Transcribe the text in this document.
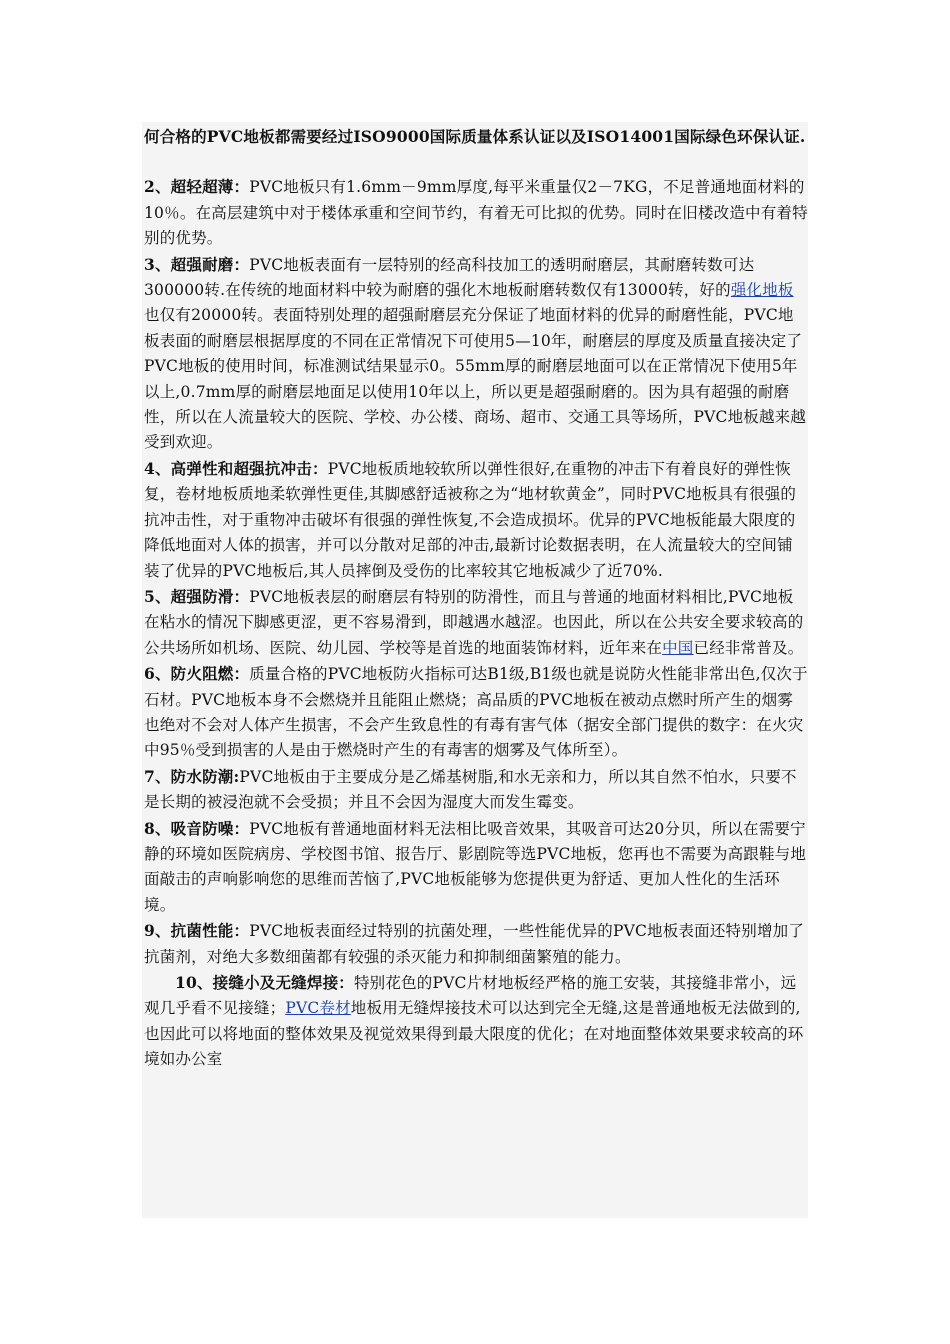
何合格的PVC地板都需要经过ISO9000国际质量体系认证以及ISO14001国际绿色环保认证.

2、超轻超薄：PVC地板只有1.6mm－9mm厚度,每平米重量仅2－7KG，不足普通地面材料的10％。在高层建筑中对于楼体承重和空间节约，有着无可比拟的优势。同时在旧楼改造中有着特别的优势。

3、超强耐磨：PVC地板表面有一层特别的经高科技加工的透明耐磨层，其耐磨转数可达300000转.在传统的地面材料中较为耐磨的强化木地板耐磨转数仅有13000转，好的强化地板也仅有20000转。表面特别处理的超强耐磨层充分保证了地面材料的优异的耐磨性能，PVC地板表面的耐磨层根据厚度的不同在正常情况下可使用5—10年，耐磨层的厚度及质量直接决定了PVC地板的使用时间，标准测试结果显示0。55mm厚的耐磨层地面可以在正常情况下使用5年以上,0.7mm厚的耐磨层地面足以使用10年以上，所以更是超强耐磨的。因为具有超强的耐磨性，所以在人流量较大的医院、学校、办公楼、商场、超市、交通工具等场所，PVC地板越来越受到欢迎。

4、高弹性和超强抗冲击：PVC地板质地较软所以弹性很好,在重物的冲击下有着良好的弹性恢复，卷材地板质地柔软弹性更佳,其脚感舒适被称之为“地材软黄金”，同时PVC地板具有很强的抗冲击性，对于重物冲击破坏有很强的弹性恢复,不会造成损坏。优异的PVC地板能最大限度的降低地面对人体的损害，并可以分散对足部的冲击,最新讨论数据表明，在人流量较大的空间铺装了优异的PVC地板后,其人员摔倒及受伤的比率较其它地板减少了近70%.

5、超强防滑：PVC地板表层的耐磨层有特别的防滑性，而且与普通的地面材料相比,PVC地板在粘水的情况下脚感更涩，更不容易滑到，即越遇水越涩。也因此，所以在公共安全要求较高的公共场所如机场、医院、幼儿园、学校等是首选的地面装饰材料，近年来在中国已经非常普及。

6、防火阻燃：质量合格的PVC地板防火指标可达B1级,B1级也就是说防火性能非常出色,仅次于石材。PVC地板本身不会燃烧并且能阻止燃烧；高品质的PVC地板在被动点燃时所产生的烟雾也绝对不会对人体产生损害，不会产生致息性的有毒有害气体（据安全部门提供的数字：在火灾中95％受到损害的人是由于燃烧时产生的有毒害的烟雾及气体所至）。

7、防水防潮:PVC地板由于主要成分是乙烯基树脂,和水无亲和力，所以其自然不怕水，只要不是长期的被浸泡就不会受损；并且不会因为湿度大而发生霉变。

8、吸音防噪：PVC地板有普通地面材料无法相比吸音效果，其吸音可达20分贝，所以在需要宁静的环境如医院病房、学校图书馆、报告厅、影剧院等选PVC地板，您再也不需要为高跟鞋与地面敲击的声响影响您的思维而苦恼了,PVC地板能够为您提供更为舒适、更加人性化的生活环境。

9、抗菌性能：PVC地板表面经过特别的抗菌处理，一些性能优异的PVC地板表面还特别增加了抗菌剂，对绝大多数细菌都有较强的杀灭能力和抑制细菌繁殖的能力。

10、接缝小及无缝焊接：特别花色的PVC片材地板经严格的施工安装，其接缝非常小，远观几乎看不见接缝；PVC卷材地板用无缝焊接技术可以达到完全无缝,这是普通地板无法做到的,也因此可以将地面的整体效果及视觉效果得到最大限度的优化；在对地面整体效果要求较高的环境如办公室
